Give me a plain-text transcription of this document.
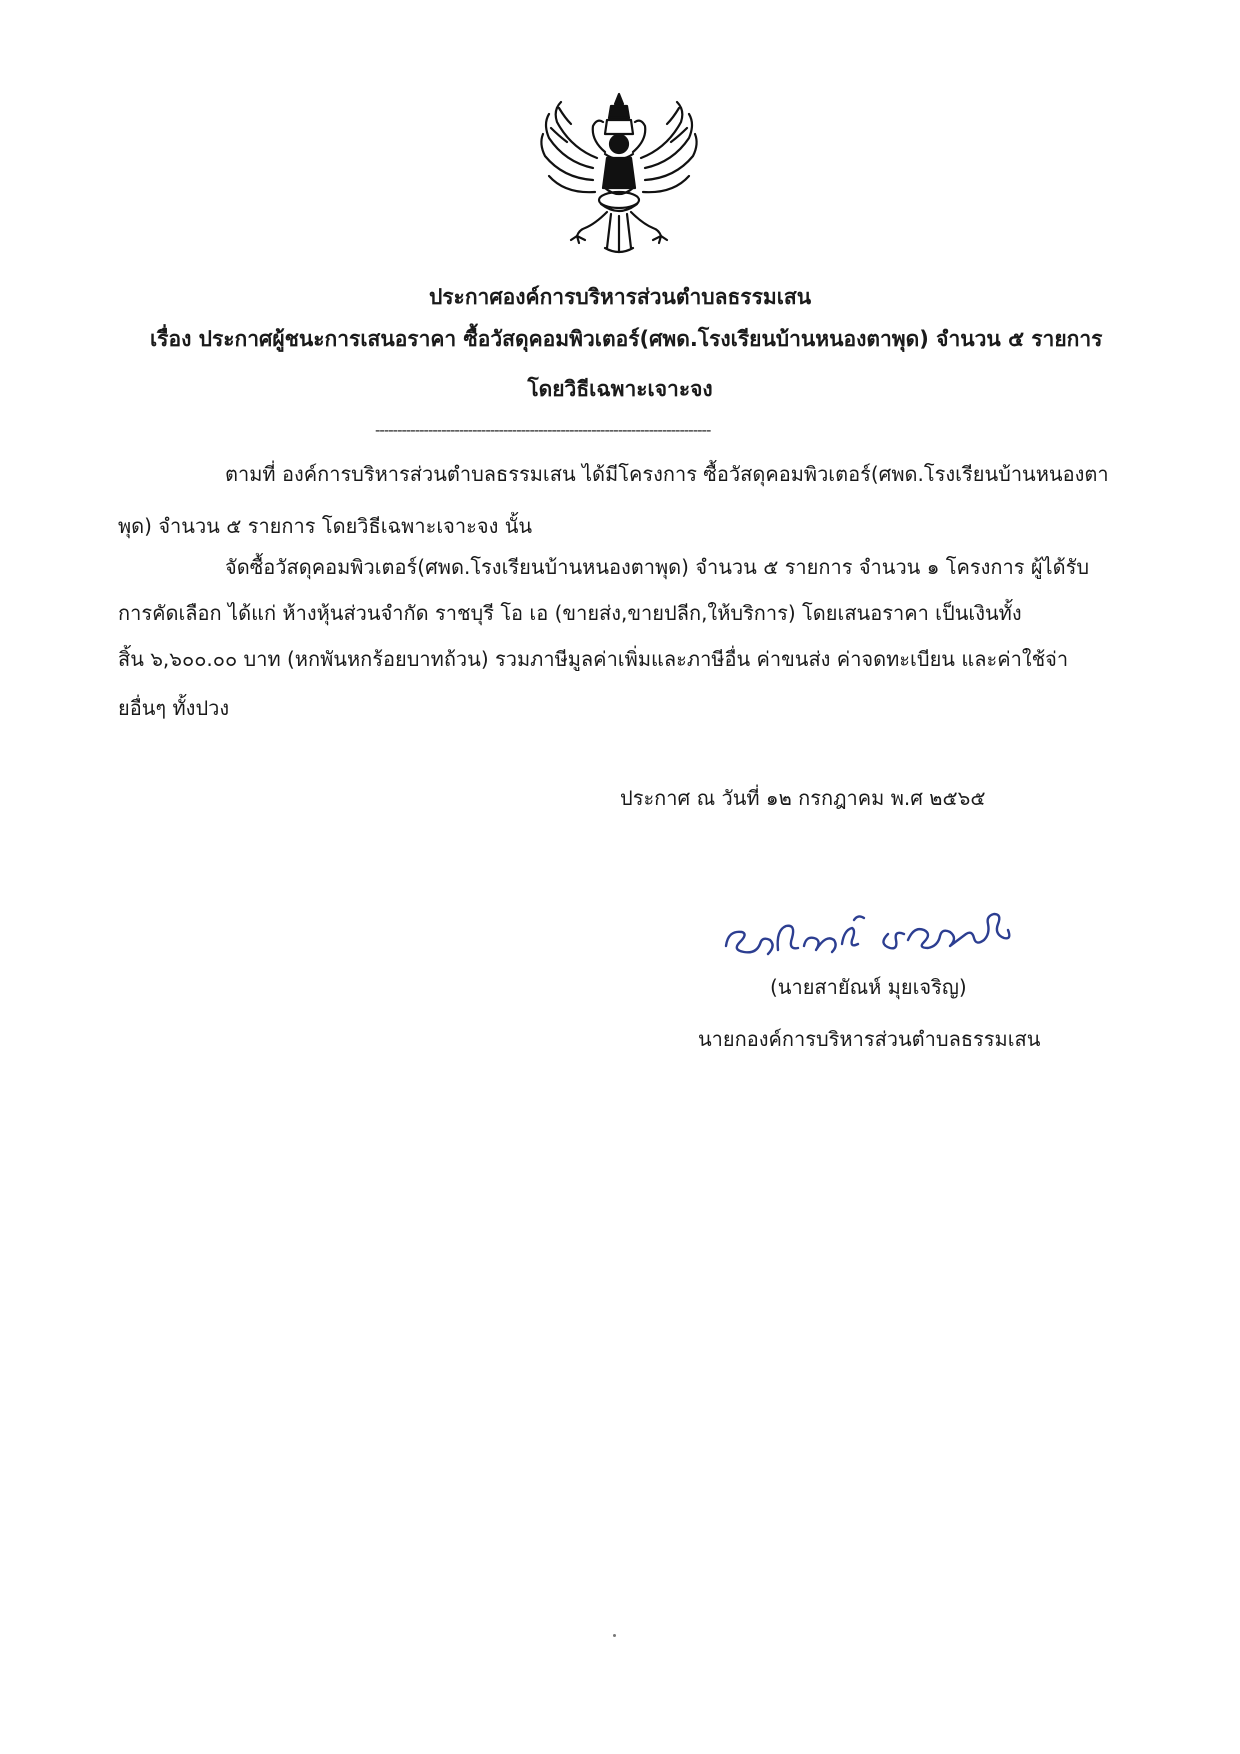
ประกาศองค์การบริหารส่วนตำบลธรรมเสน
เรื่อง ประกาศผู้ชนะการเสนอราคา ซื้อวัสดุคอมพิวเตอร์(ศพด.โรงเรียนบ้านหนองตาพุด) จำนวน ๕ รายการ
โดยวิธีเฉพาะเจาะจง
----------------------------------------------------------------------------
ตามที่ องค์การบริหารส่วนตำบลธรรมเสน ได้มีโครงการ ซื้อวัสดุคอมพิวเตอร์(ศพด.โรงเรียนบ้านหนองตา
พุด) จำนวน ๕ รายการ โดยวิธีเฉพาะเจาะจง นั้น
จัดซื้อวัสดุคอมพิวเตอร์(ศพด.โรงเรียนบ้านหนองตาพุด) จำนวน ๕ รายการ จำนวน ๑ โครงการ ผู้ได้รับ
การคัดเลือก ได้แก่ ห้างหุ้นส่วนจำกัด ราชบุรี โอ เอ (ขายส่ง,ขายปลีก,ให้บริการ) โดยเสนอราคา เป็นเงินทั้ง
สิ้น ๖,๖๐๐.๐๐ บาท (หกพันหกร้อยบาทถ้วน) รวมภาษีมูลค่าเพิ่มและภาษีอื่น ค่าขนส่ง ค่าจดทะเบียน และค่าใช้จ่า
ยอื่นๆ ทั้งปวง
ประกาศ ณ วันที่ ๑๒ กรกฎาคม พ.ศ ๒๕๖๕
(นายสายัณห์ มุยเจริญ)
นายกองค์การบริหารส่วนตำบลธรรมเสน
